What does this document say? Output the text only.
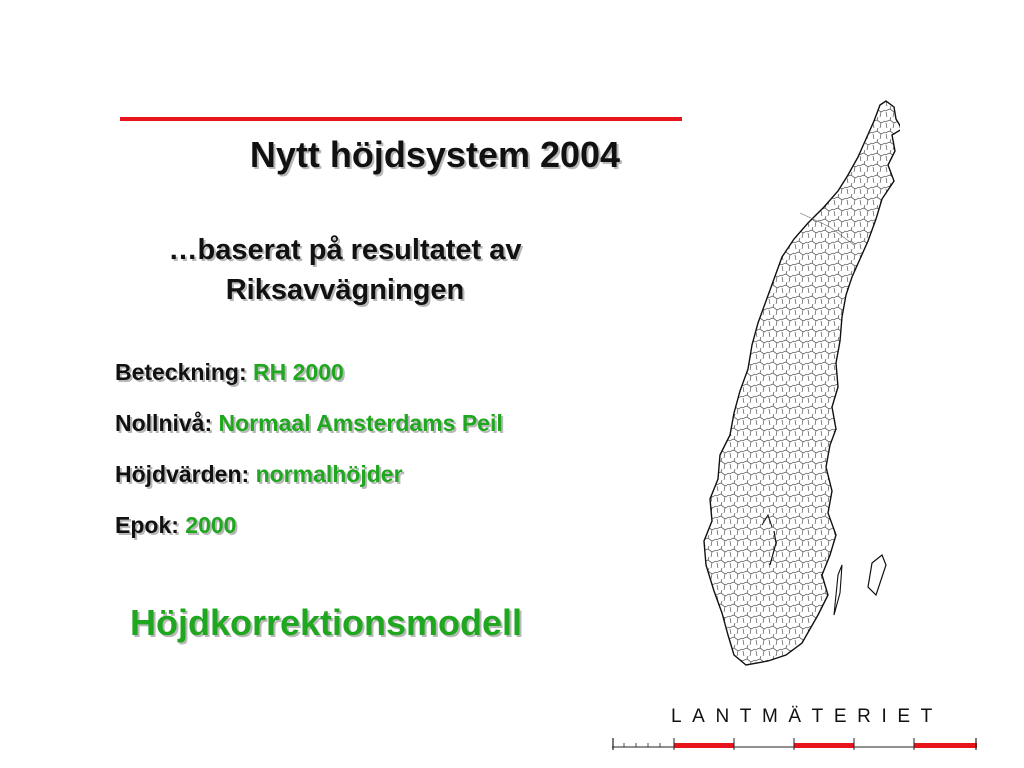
Nytt höjdsystem 2004
…baserat på resultatet av
Riksavvägningen
Beteckning: RH 2000
Nollnivå: Normaal Amsterdams Peil
Höjdvärden: normalhöjder
Epok: 2000
Höjdkorrektionsmodell
LANTMÄTERIET
